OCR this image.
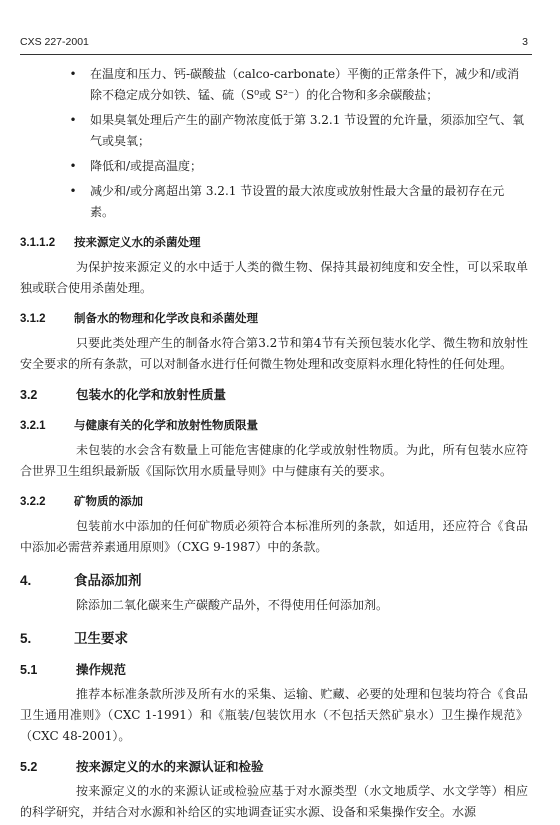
CXS 227-2001	3
• 在温度和压力、钙-碳酸盐（calco-carbonate）平衡的正常条件下，减少和/或消除不稳定成分如铁、锰、硫（S⁰或 S²⁻）的化合物和多余碳酸盐；
• 如果臭氧处理后产生的副产物浓度低于第 3.2.1 节设置的允许量，须添加空气、氧气或臭氧；
• 降低和/或提高温度；
• 减少和/或分离超出第 3.2.1 节设置的最大浓度或放射性最大含量的最初存在元素。
3.1.1.2 按来源定义水的杀菌处理

为保护按来源定义的水中适于人类的微生物、保持其最初纯度和安全性，可以采取单独或联合使用杀菌处理。

3.1.2 制备水的物理和化学改良和杀菌处理

只要此类处理产生的制备水符合第3.2节和第4节有关预包装水化学、微生物和放射性安全要求的所有条款，可以对制备水进行任何微生物处理和改变原料水理化特性的任何处理。

3.2	包装水的化学和放射性质量
3.2.1 与健康有关的化学和放射性物质限量

未包装的水会含有数量上可能危害健康的化学或放射性物质。为此，所有包装水应符合世界卫生组织最新版《国际饮用水质量导则》中与健康有关的要求。

3.2.2 矿物质的添加

包装前水中添加的任何矿物质必须符合本标准所列的条款，如适用，还应符合《食品中添加必需营养素通用原则》（CXG 9-1987）中的条款。

4.	食品添加剂

除添加二氧化碳来生产碳酸产品外，不得使用任何添加剂。

5.	卫生要求
5.1	操作规范

推荐本标准条款所涉及所有水的采集、运输、贮藏、必要的处理和包装均符合《食品卫生通用准则》（CXC 1-1991）和《瓶装/包装饮用水（不包括天然矿泉水）卫生操作规范》（CXC 48-2001）。

5.2	按来源定义的水的来源认证和检验

按来源定义的水的来源认证或检验应基于对水源类型（水文地质学、水文学等）相应的科学研究，并结合对水源和补给区的实地调查证实水源、设备和采集操作安全。水源
